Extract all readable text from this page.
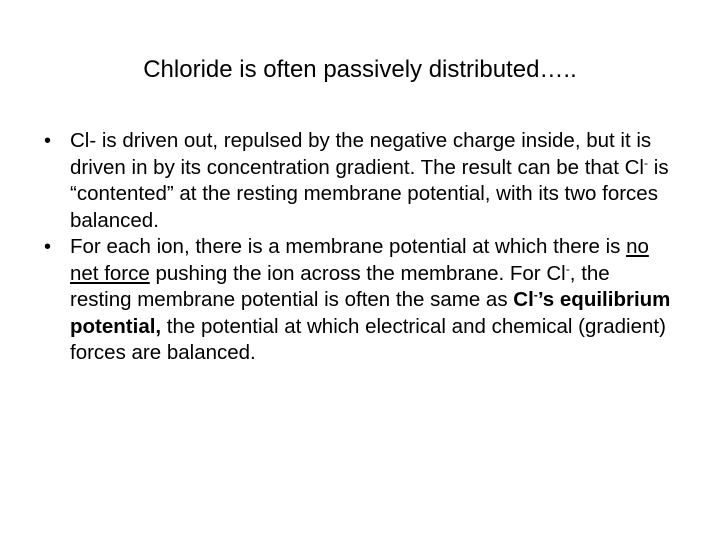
Chloride is often passively distributed…..
• Cl- is driven out, repulsed by the negative charge inside, but it is driven in by its concentration gradient. The result can be that Cl- is “contented” at the resting membrane potential, with its two forces balanced.
• For each ion, there is a membrane potential at which there is no net force pushing the ion across the membrane. For Cl-, the resting membrane potential is often the same as Cl-’s equilibrium potential, the potential at which electrical and chemical (gradient) forces are balanced.
